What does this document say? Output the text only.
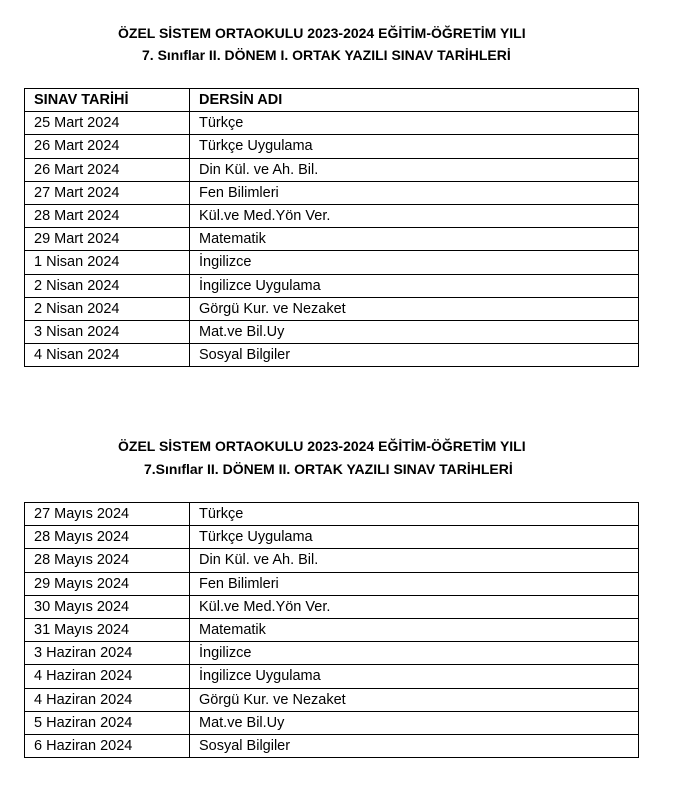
ÖZEL SİSTEM ORTAOKULU 2023-2024 EĞİTİM-ÖĞRETİM YILI
7. Sınıflar II. DÖNEM I. ORTAK YAZILI SINAV TARİHLERİ
SINAV TARİHİ	DERSİN ADI
25 Mart 2024	Türkçe
26 Mart 2024	Türkçe Uygulama
26 Mart 2024	Din Kül. ve Ah. Bil.
27 Mart 2024	Fen Bilimleri
28 Mart 2024	Kül.ve Med.Yön Ver.
29 Mart 2024	Matematik
1 Nisan 2024	İngilizce
2 Nisan 2024	İngilizce Uygulama
2 Nisan 2024	Görgü Kur. ve Nezaket
3 Nisan 2024	Mat.ve Bil.Uy
4 Nisan 2024	Sosyal Bilgiler
ÖZEL SİSTEM ORTAOKULU 2023-2024 EĞİTİM-ÖĞRETİM YILI
7.Sınıflar II. DÖNEM II. ORTAK YAZILI SINAV TARİHLERİ
27 Mayıs 2024	Türkçe
28 Mayıs 2024	Türkçe Uygulama
28 Mayıs 2024	Din Kül. ve Ah. Bil.
29 Mayıs 2024	Fen Bilimleri
30 Mayıs 2024	Kül.ve Med.Yön Ver.
31 Mayıs 2024	Matematik
3 Haziran 2024	İngilizce
4 Haziran 2024	İngilizce Uygulama
4 Haziran 2024	Görgü Kur. ve Nezaket
5 Haziran 2024	Mat.ve Bil.Uy
6 Haziran 2024	Sosyal Bilgiler
